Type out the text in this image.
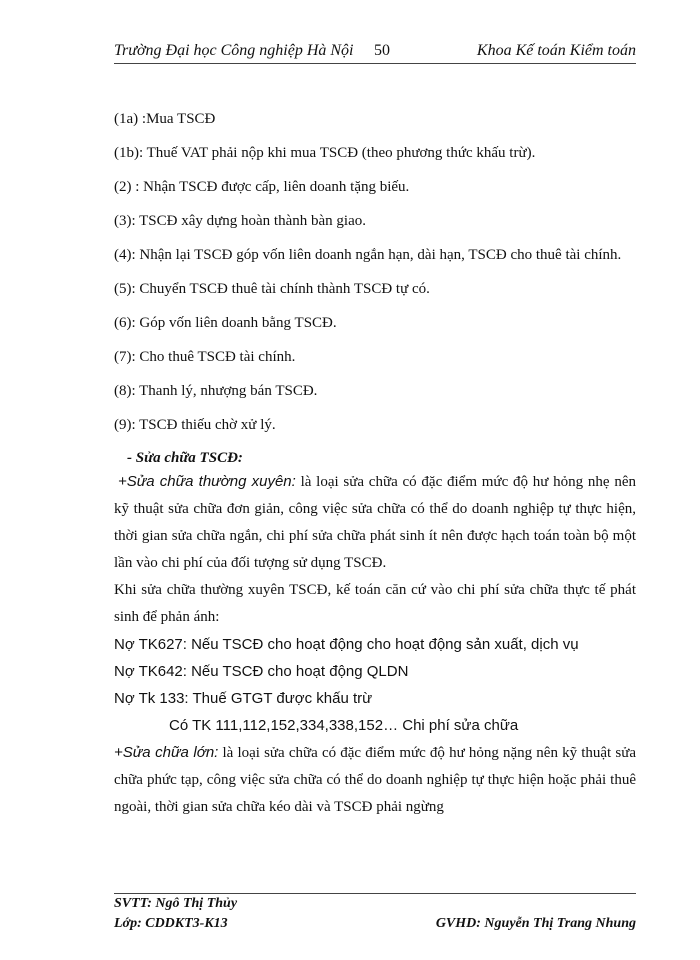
Trường Đại học Công nghiệp Hà Nội 50	Khoa Kế toán Kiểm toán
(1a) :Mua TSCĐ
(1b): Thuế VAT phải nộp khi mua TSCĐ (theo phương thức khấu trừ).
(2) : Nhận TSCĐ được cấp, liên doanh tặng biếu.
(3): TSCĐ xây dựng hoàn thành bàn giao.
(4): Nhận lại TSCĐ góp vốn liên doanh ngắn hạn, dài hạn, TSCĐ cho thuê tài chính.
(5): Chuyển TSCĐ thuê tài chính thành TSCĐ tự có.
(6): Góp vốn liên doanh bằng TSCĐ.
(7): Cho thuê TSCĐ tài chính.
(8): Thanh lý, nhượng bán TSCĐ.
(9): TSCĐ thiếu chờ xử lý.
- Sửa chữa TSCĐ:
+Sửa chữa thường xuyên: là loại sửa chữa có đặc điểm mức độ hư hỏng nhẹ nên kỹ thuật sửa chữa đơn giản, công việc sửa chữa có thể do doanh nghiệp tự thực hiện, thời gian sửa chữa ngắn, chi phí sửa chữa phát sinh ít nên được hạch toán toàn bộ một lần vào chi phí của đối tượng sử dụng TSCĐ.
Khi sửa chữa thường xuyên TSCĐ, kế toán căn cứ vào chi phí sửa chữa thực tế phát sinh để phản ánh:
Nợ TK627: Nếu TSCĐ cho hoạt động cho hoạt động sản xuất, dịch vụ
Nợ TK642: Nếu TSCĐ cho hoạt động QLDN
Nợ Tk 133: Thuế GTGT được khấu trừ
Có TK 111,112,152,334,338,152… Chi phí sửa chữa
+Sửa chữa lớn: là loại sửa chữa có đặc điểm mức độ hư hỏng nặng nên kỹ thuật sửa chữa phức tạp, công việc sửa chữa có thể do doanh nghiệp tự thực hiện hoặc phải thuê ngoài, thời gian sửa chữa kéo dài và TSCĐ phải ngừng
SVTT: Ngô Thị Thủy
Lớp: CDDKT3-K13	GVHD: Nguyễn Thị Trang Nhung
